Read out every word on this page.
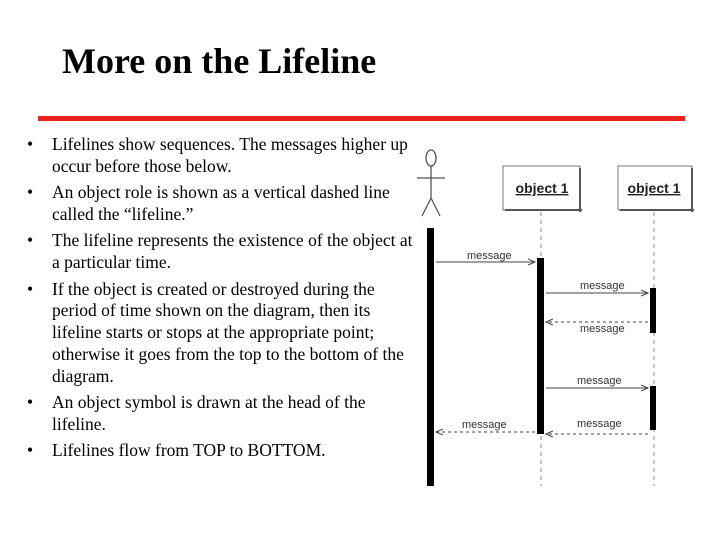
More on the Lifeline
• Lifelines show sequences. The messages higher up occur before those below.
• An object role is shown as a vertical dashed line called the “lifeline.”
• The lifeline represents the existence of the object at a particular time.
• If the object is created or destroyed during the period of time shown on the diagram, then its lifeline starts or stops at the appropriate point; otherwise it goes from the top to the bottom of the diagram.
• An object symbol is drawn at the head of the lifeline.
• Lifelines flow from TOP to BOTTOM.
object 1	object 1
message
message
message
message
message
message
